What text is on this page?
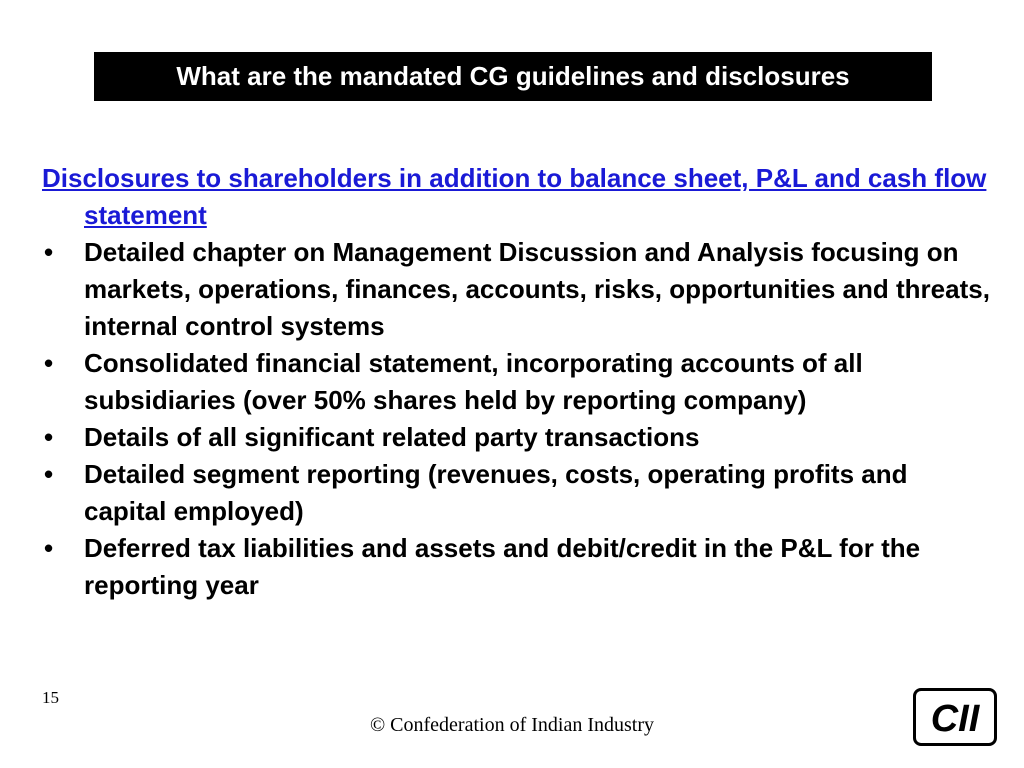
What are the mandated CG guidelines and disclosures

Disclosures to shareholders in addition to balance sheet, P&L and cash flow statement

• Detailed chapter on Management Discussion and Analysis focusing on markets, operations, finances, accounts, risks, opportunities and threats, internal control systems
• Consolidated financial statement, incorporating accounts of all subsidiaries (over 50% shares held by reporting company)
• Details of all significant related party transactions
• Detailed segment reporting (revenues, costs, operating profits and capital employed)
• Deferred tax liabilities and assets and debit/credit in the P&L for the reporting year
15
© Confederation of Indian Industry	CII
